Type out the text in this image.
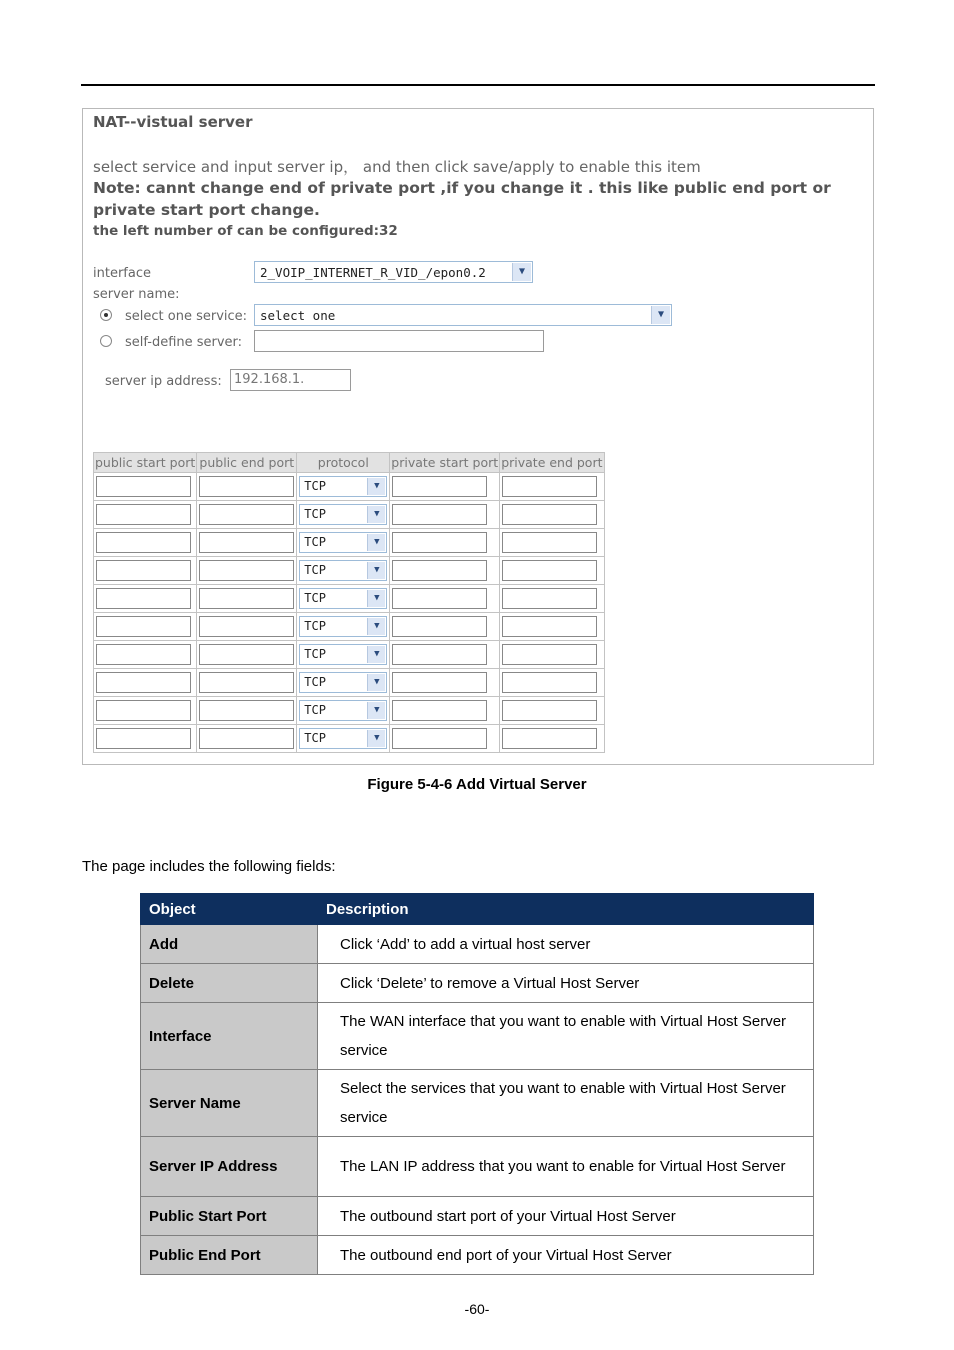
NAT--vistual server
select service and input server ip， and then click save/apply to enable this item
Note: cannt change end of private port ,if you change it . this like public end port or private start port change.
the left number of can be configured:32
interface	2_VOIP_INTERNET_R_VID_/epon0.2	▼
server name:
select one service:	select one	▼
self-define server:
server ip address: 192.168.1.
public start port	public end port	protocol	private start port	private end port

		TCP ▼		

		TCP ▼		

		TCP ▼		

		TCP ▼		

		TCP ▼		

		TCP ▼		

		TCP ▼		

		TCP ▼		

		TCP ▼		

		TCP ▼		

Figure 5-4-6 Add Virtual Server
The page includes the following fields:
Object	Description
Add	Click ‘Add’ to add a virtual host server
Delete	Click ‘Delete’ to remove a Virtual Host Server
Interface	The WAN interface that you want to enable with Virtual Host Server service
Server Name	Select the services that you want to enable with Virtual Host Server service
Server IP Address	The LAN IP address that you want to enable for Virtual Host Server
Public Start Port	The outbound start port of your Virtual Host Server
Public End Port	The outbound end port of your Virtual Host Server
-60-
